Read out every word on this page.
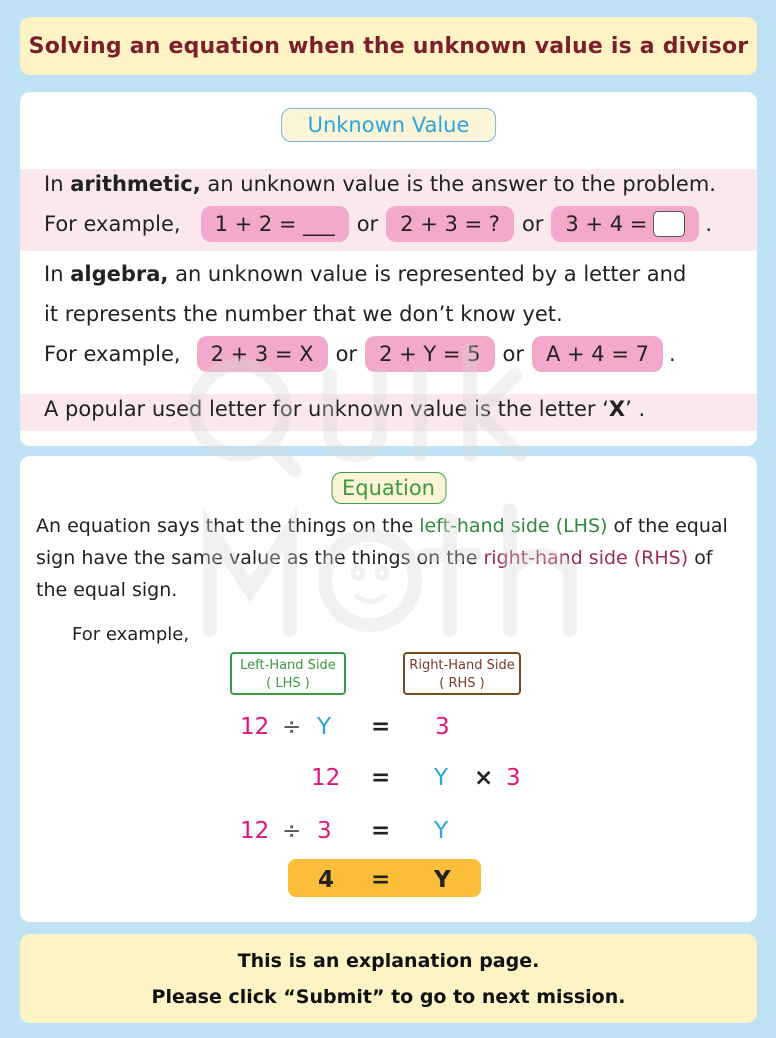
Solving an equation when the unknown value is a divisor
Unknown Value
In
arithmetic,
an unknown value is the answer to the problem.
For example,	1 + 2 = ___	or	2 + 3 = ?	or 3 + 4 =	.
In
algebra,
an unknown value is represented by a letter and
it represents the number that we don’t know yet.
For example,	2 + 3 = X	or	2 + Y = 5	or	A + 4 = 7 .
A popular used letter for unknown value is the letter ‘ X ’ .
Equation
An equation says that the things on the left-hand side (LHS) of the equal
sign have the same value as the things on the right-hand side (RHS) of
the equal sign.
For example,
Left-Hand Side
( LHS )
Right-Hand Side
( RHS )
12 ÷ Y = 3
12 = Y × 3
12 ÷ 3 = Y
4 = Y
This is an explanation page.
Please click “Submit” to go to next mission.
